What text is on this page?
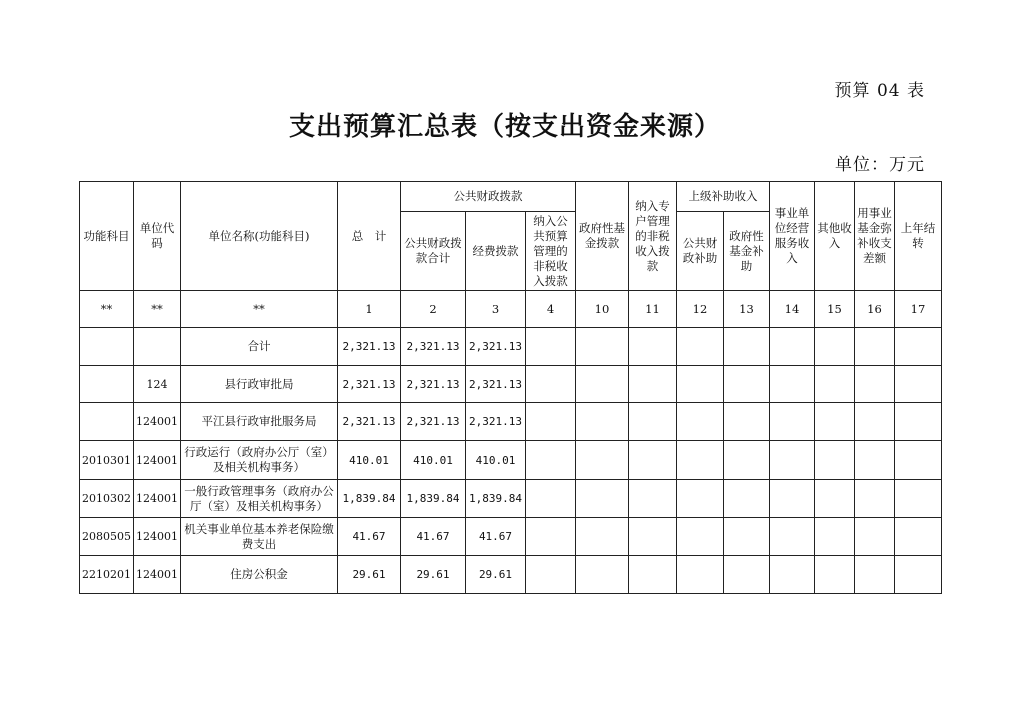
预算 04 表
支出预算汇总表（按支出资金来源）
单位：万元
功能科目	单位代码	单位名称(功能科目)	总　计	公共财政拨款			政府性基金拨款	纳入专户管理的非税收入拨款	上级补助收入		事业单位经营服务收入	其他收入	用事业基金弥补收支差额	上年结转
				公共财政拨款合计	经费拨款	纳入公共预算管理的非税收入拨款			公共财政补助	政府性基金补助				
**	**	**	1	2	3	4	10	11	12	13	14	15	16	17
		合计	2,321.13	2,321.13	2,321.13									
	124	县行政审批局	2,321.13	2,321.13	2,321.13									
	124001	平江县行政审批服务局	2,321.13	2,321.13	2,321.13									
2010301	124001	行政运行（政府办公厅（室）及相关机构事务）	410.01	410.01	410.01									
2010302	124001	一般行政管理事务（政府办公厅（室）及相关机构事务）	1,839.84	1,839.84	1,839.84									
2080505	124001	机关事业单位基本养老保险缴费支出	41.67	41.67	41.67									
2210201	124001	住房公积金	29.61	29.61	29.61									
